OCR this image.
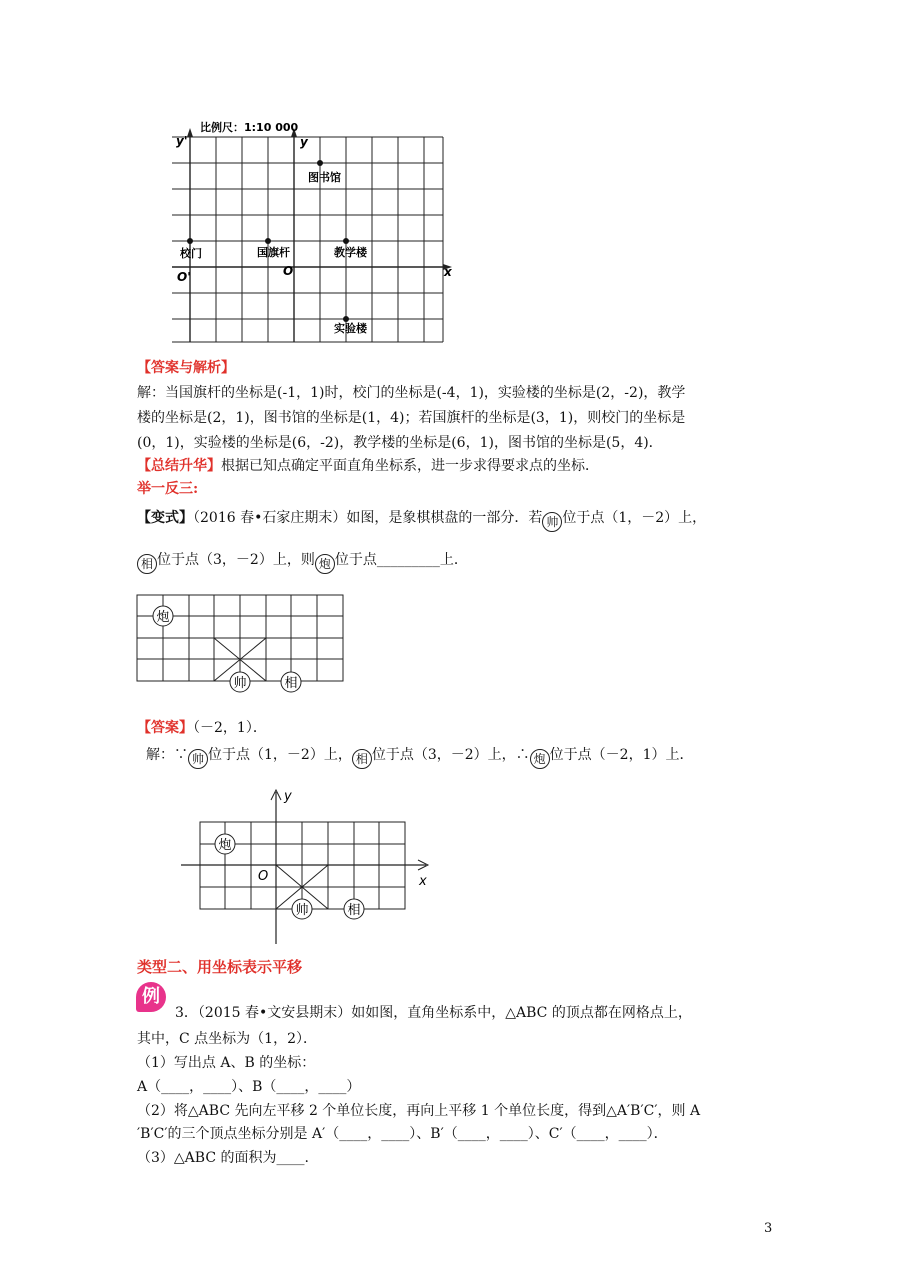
比例尺：1:10 000
y'	y
x
O'	O
图书馆
校门	国旗杆	教学楼
实验楼
【答案与解析】
解：当国旗杆的坐标是(-1，1)时，校门的坐标是(-4，1)，实验楼的坐标是(2，-2)，教学
楼的坐标是(2，1)，图书馆的坐标是(1，4)；若国旗杆的坐标是(3，1)，则校门的坐标是
(0，1)，实验楼的坐标是(6，-2)，教学楼的坐标是(6，1)，图书馆的坐标是(5，4)．
【总结升华】根据已知点确定平面直角坐标系，进一步求得要求点的坐标．
举一反三:
【变式】（2016 春•石家庄期末）如图，是象棋棋盘的一部分．若 帅 位于点（1，－2）上，
相 位于点（3，－2）上，则 炮 位于点_________上．
炮
帅	相
【答案】（－2，1）．
解：∵ 帅 位于点（1，－2）上， 相 位于点（3，－2）上，∴ 炮 位于点（－2，1）上．
炮
帅	相
y
x
O
类型二、用坐标表示平移
例
3．（2015 春•文安县期末）如如图，直角坐标系中，△ABC 的顶点都在网格点上，
其中，C 点坐标为（1，2）．
（1）写出点 A、B 的坐标：
A（____，____）、B（____，____）
（2）将△ABC 先向左平移 2 个单位长度，再向上平移 1 个单位长度，得到△A′B′C′，则 A
′B′C′的三个顶点坐标分别是 A′（____，____）、B′（____，____）、C′（____，____）．
（3）△ABC 的面积为____.
3
